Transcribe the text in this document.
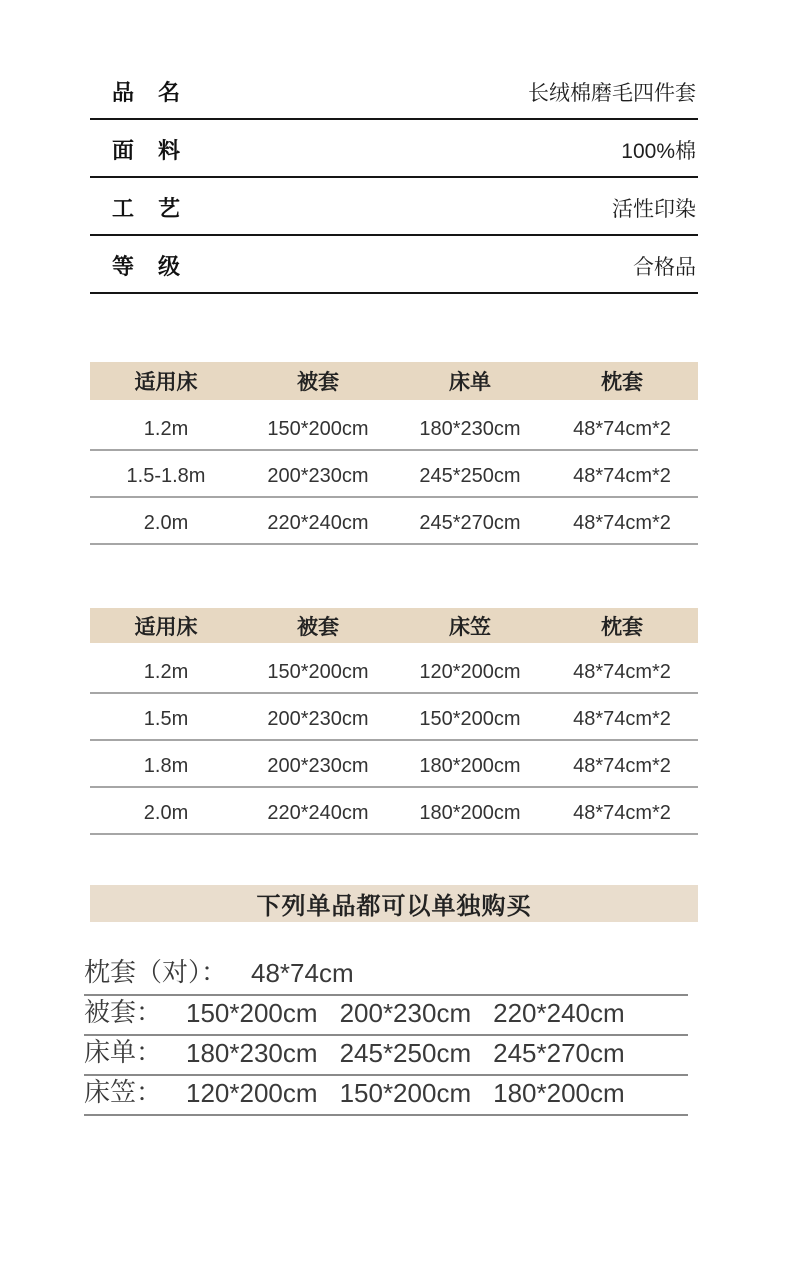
品　名	长绒棉磨毛四件套
面　料	100%棉
工　艺	活性印染
等　级	合格品
适用床	被套	床单	枕套
1.2m	150*200cm	180*230cm	48*74cm*2
1.5-1.8m	200*230cm	245*250cm	48*74cm*2
2.0m	220*240cm	245*270cm	48*74cm*2
适用床	被套	床笠	枕套
1.2m	150*200cm	120*200cm	48*74cm*2
1.5m	200*230cm	150*200cm	48*74cm*2
1.8m	200*230cm	180*200cm	48*74cm*2
2.0m	220*240cm	180*200cm	48*74cm*2
下列单品都可以单独购买
枕套（对）： 48*74cm
被套： 150*200cm 200*230cm 220*240cm
床单： 180*230cm 245*250cm 245*270cm
床笠： 120*200cm 150*200cm 180*200cm
